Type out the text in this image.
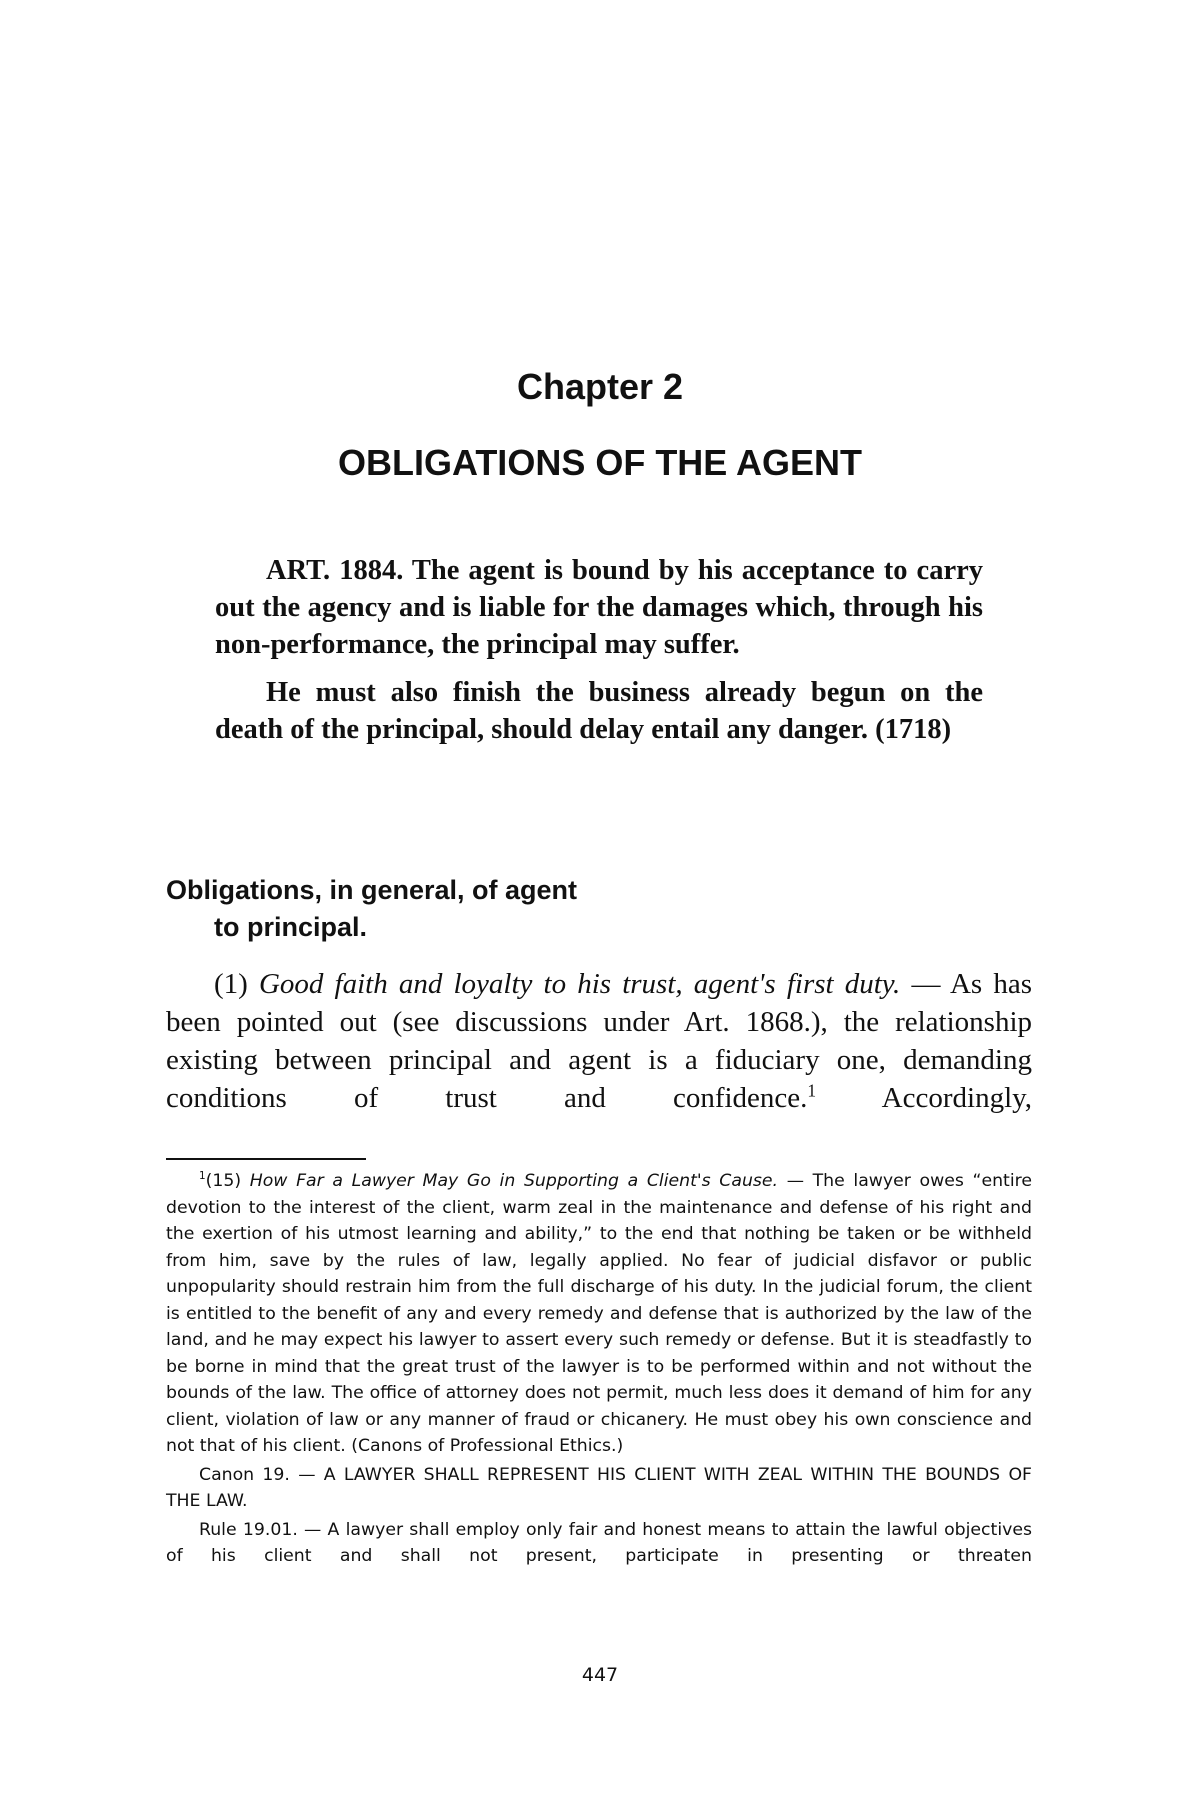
Chapter 2
OBLIGATIONS OF THE AGENT

ART. 1884. The agent is bound by his acceptance to carry out the agency and is liable for the damages which, through his non-performance, the principal may suffer.

He must also finish the business already begun on the death of the principal, should delay entail any danger. (1718)

Obligations, in general, of agent
to principal.

(1) Good faith and loyalty to his trust, agent's first duty. — As has been pointed out (see discussions under Art. 1868.), the relationship existing between principal and agent is a fiduciary one, demanding conditions of trust and confidence.$^1$ Accordingly,

$^1$(15) How Far a Lawyer May Go in Supporting a Client's Cause. — The lawyer owes “entire devotion to the interest of the client, warm zeal in the maintenance and defense of his right and the exertion of his utmost learning and ability,” to the end that nothing be taken or be withheld from him, save by the rules of law, legally applied. No fear of judicial disfavor or public unpopularity should restrain him from the full discharge of his duty. In the judicial forum, the client is entitled to the benefit of any and every remedy and defense that is authorized by the law of the land, and he may expect his lawyer to assert every such remedy or defense. But it is steadfastly to be borne in mind that the great trust of the lawyer is to be performed within and not without the bounds of the law. The office of attorney does not permit, much less does it demand of him for any client, violation of law or any manner of fraud or chicanery. He must obey his own conscience and not that of his client. (Canons of Professional Ethics.)

Canon 19. — A LAWYER SHALL REPRESENT HIS CLIENT WITH ZEAL WITHIN THE BOUNDS OF THE LAW.

Rule 19.01. — A lawyer shall employ only fair and honest means to attain the lawful objectives of his client and shall not present, participate in presenting or threaten

447
